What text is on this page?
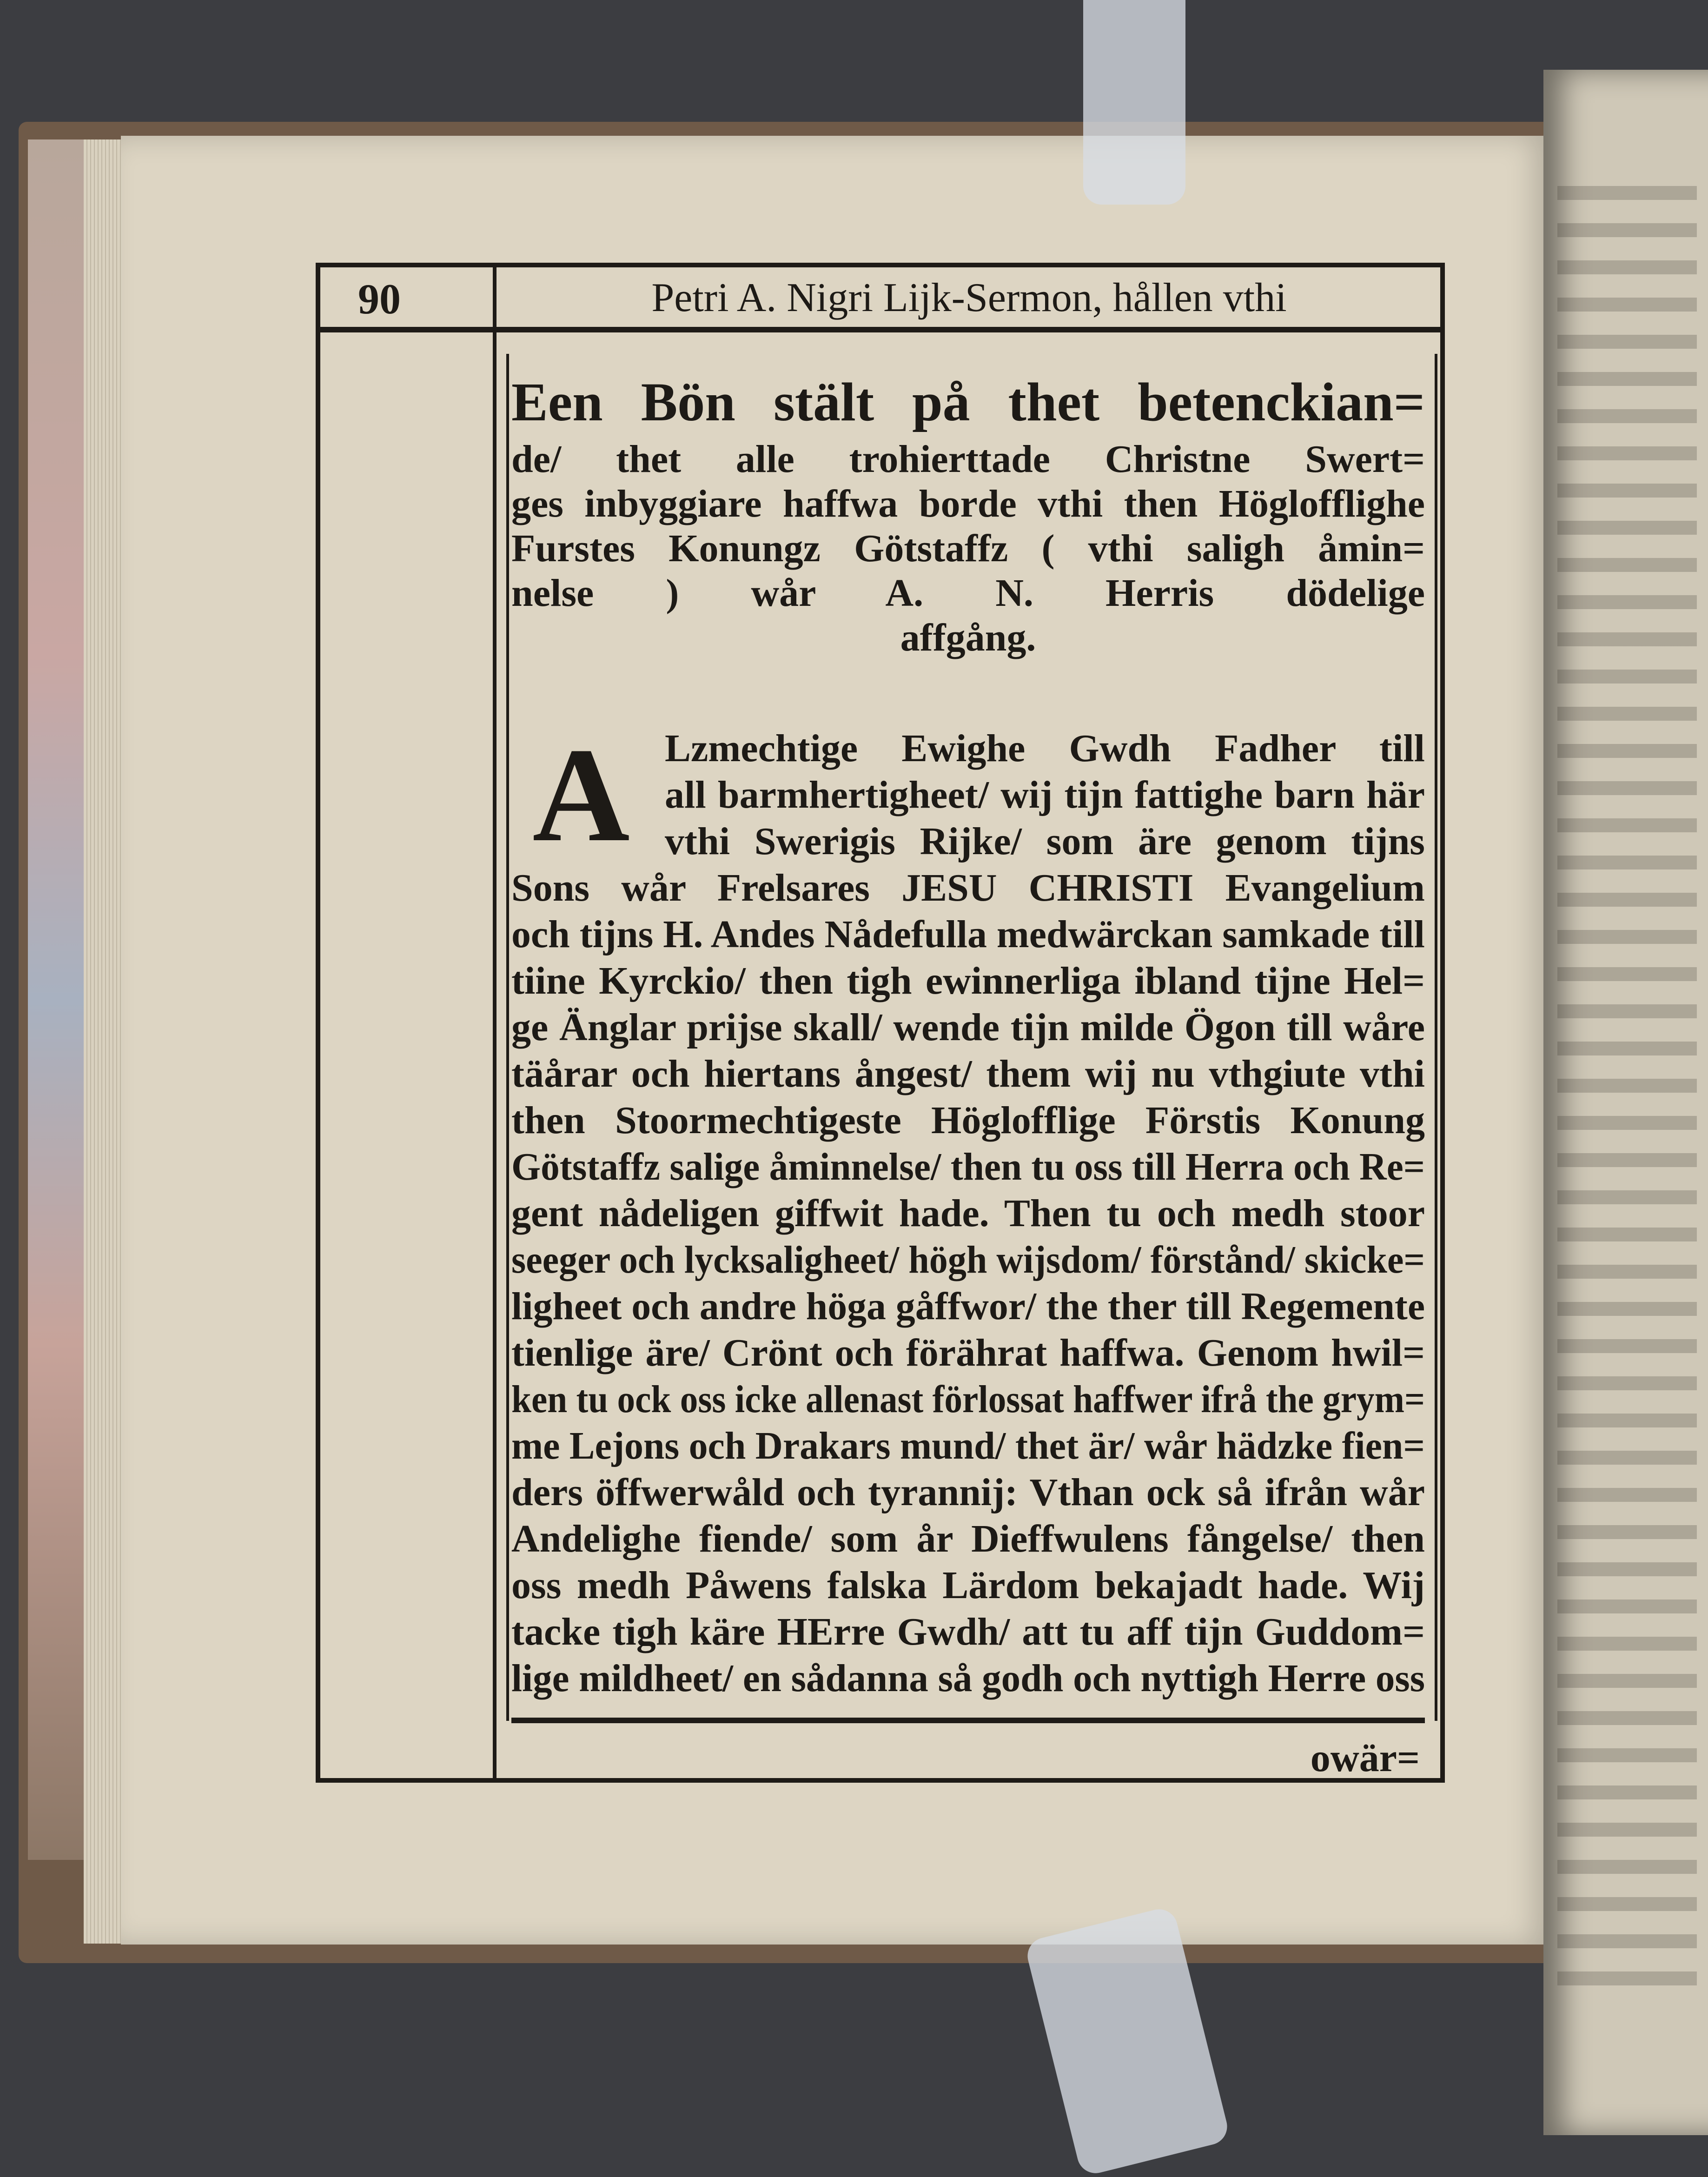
90	Petri A. Nigri Lijk-Sermon, hållen vthi
Een Bön stält på thet betenckian=
de/ thet alle trohierttade Christne Swert=
ges inbyggiare haffwa borde vthi then Höglofflighe
Furstes Konungz Götstaffz ( vthi saligh åmin=
nelse ) wår A. N. Herris dödelige
affgång.
A Lzmechtige Ewighe Gwdh Fadher till
all barmhertigheet/ wij tijn fattighe barn här
vthi Swerigis Rijke/ som äre genom tijns
Sons wår Frelsares JESU CHRISTI Evangelium
och tijns H. Andes Nådefulla medwärckan samkade till
tiine Kyrckio/ then tigh ewinnerliga ibland tijne Hel=
ge Änglar prijse skall/ wende tijn milde Ögon till wåre
täårar och hiertans ångest/ them wij nu vthgiute vthi
then Stoormechtigeste Höglofflige Förstis Konung
Götstaffz salige åminnelse/ then tu oss till Herra och Re=
gent nådeligen giffwit hade. Then tu och medh stoor
seeger och lycksaligheet/ högh wijsdom/ förstånd/ skicke=
ligheet och andre höga gåffwor/ the ther till Regemente
tienlige äre/ Crönt och förährat haffwa. Genom hwil=
ken tu ock oss icke allenast förlossat haffwer ifrå the grym=
me Lejons och Drakars mund/ thet är/ wår hädzke fien=
ders öffwerwåld och tyrannij: Vthan ock så ifrån wår
Andelighe fiende/ som år Dieffwulens fångelse/ then
oss medh Påwens falska Lärdom bekajadt hade. Wij
tacke tigh käre HErre Gwdh/ att tu aff tijn Guddom=
lige mildheet/ en sådanna så godh och nyttigh Herre oss
owär=
